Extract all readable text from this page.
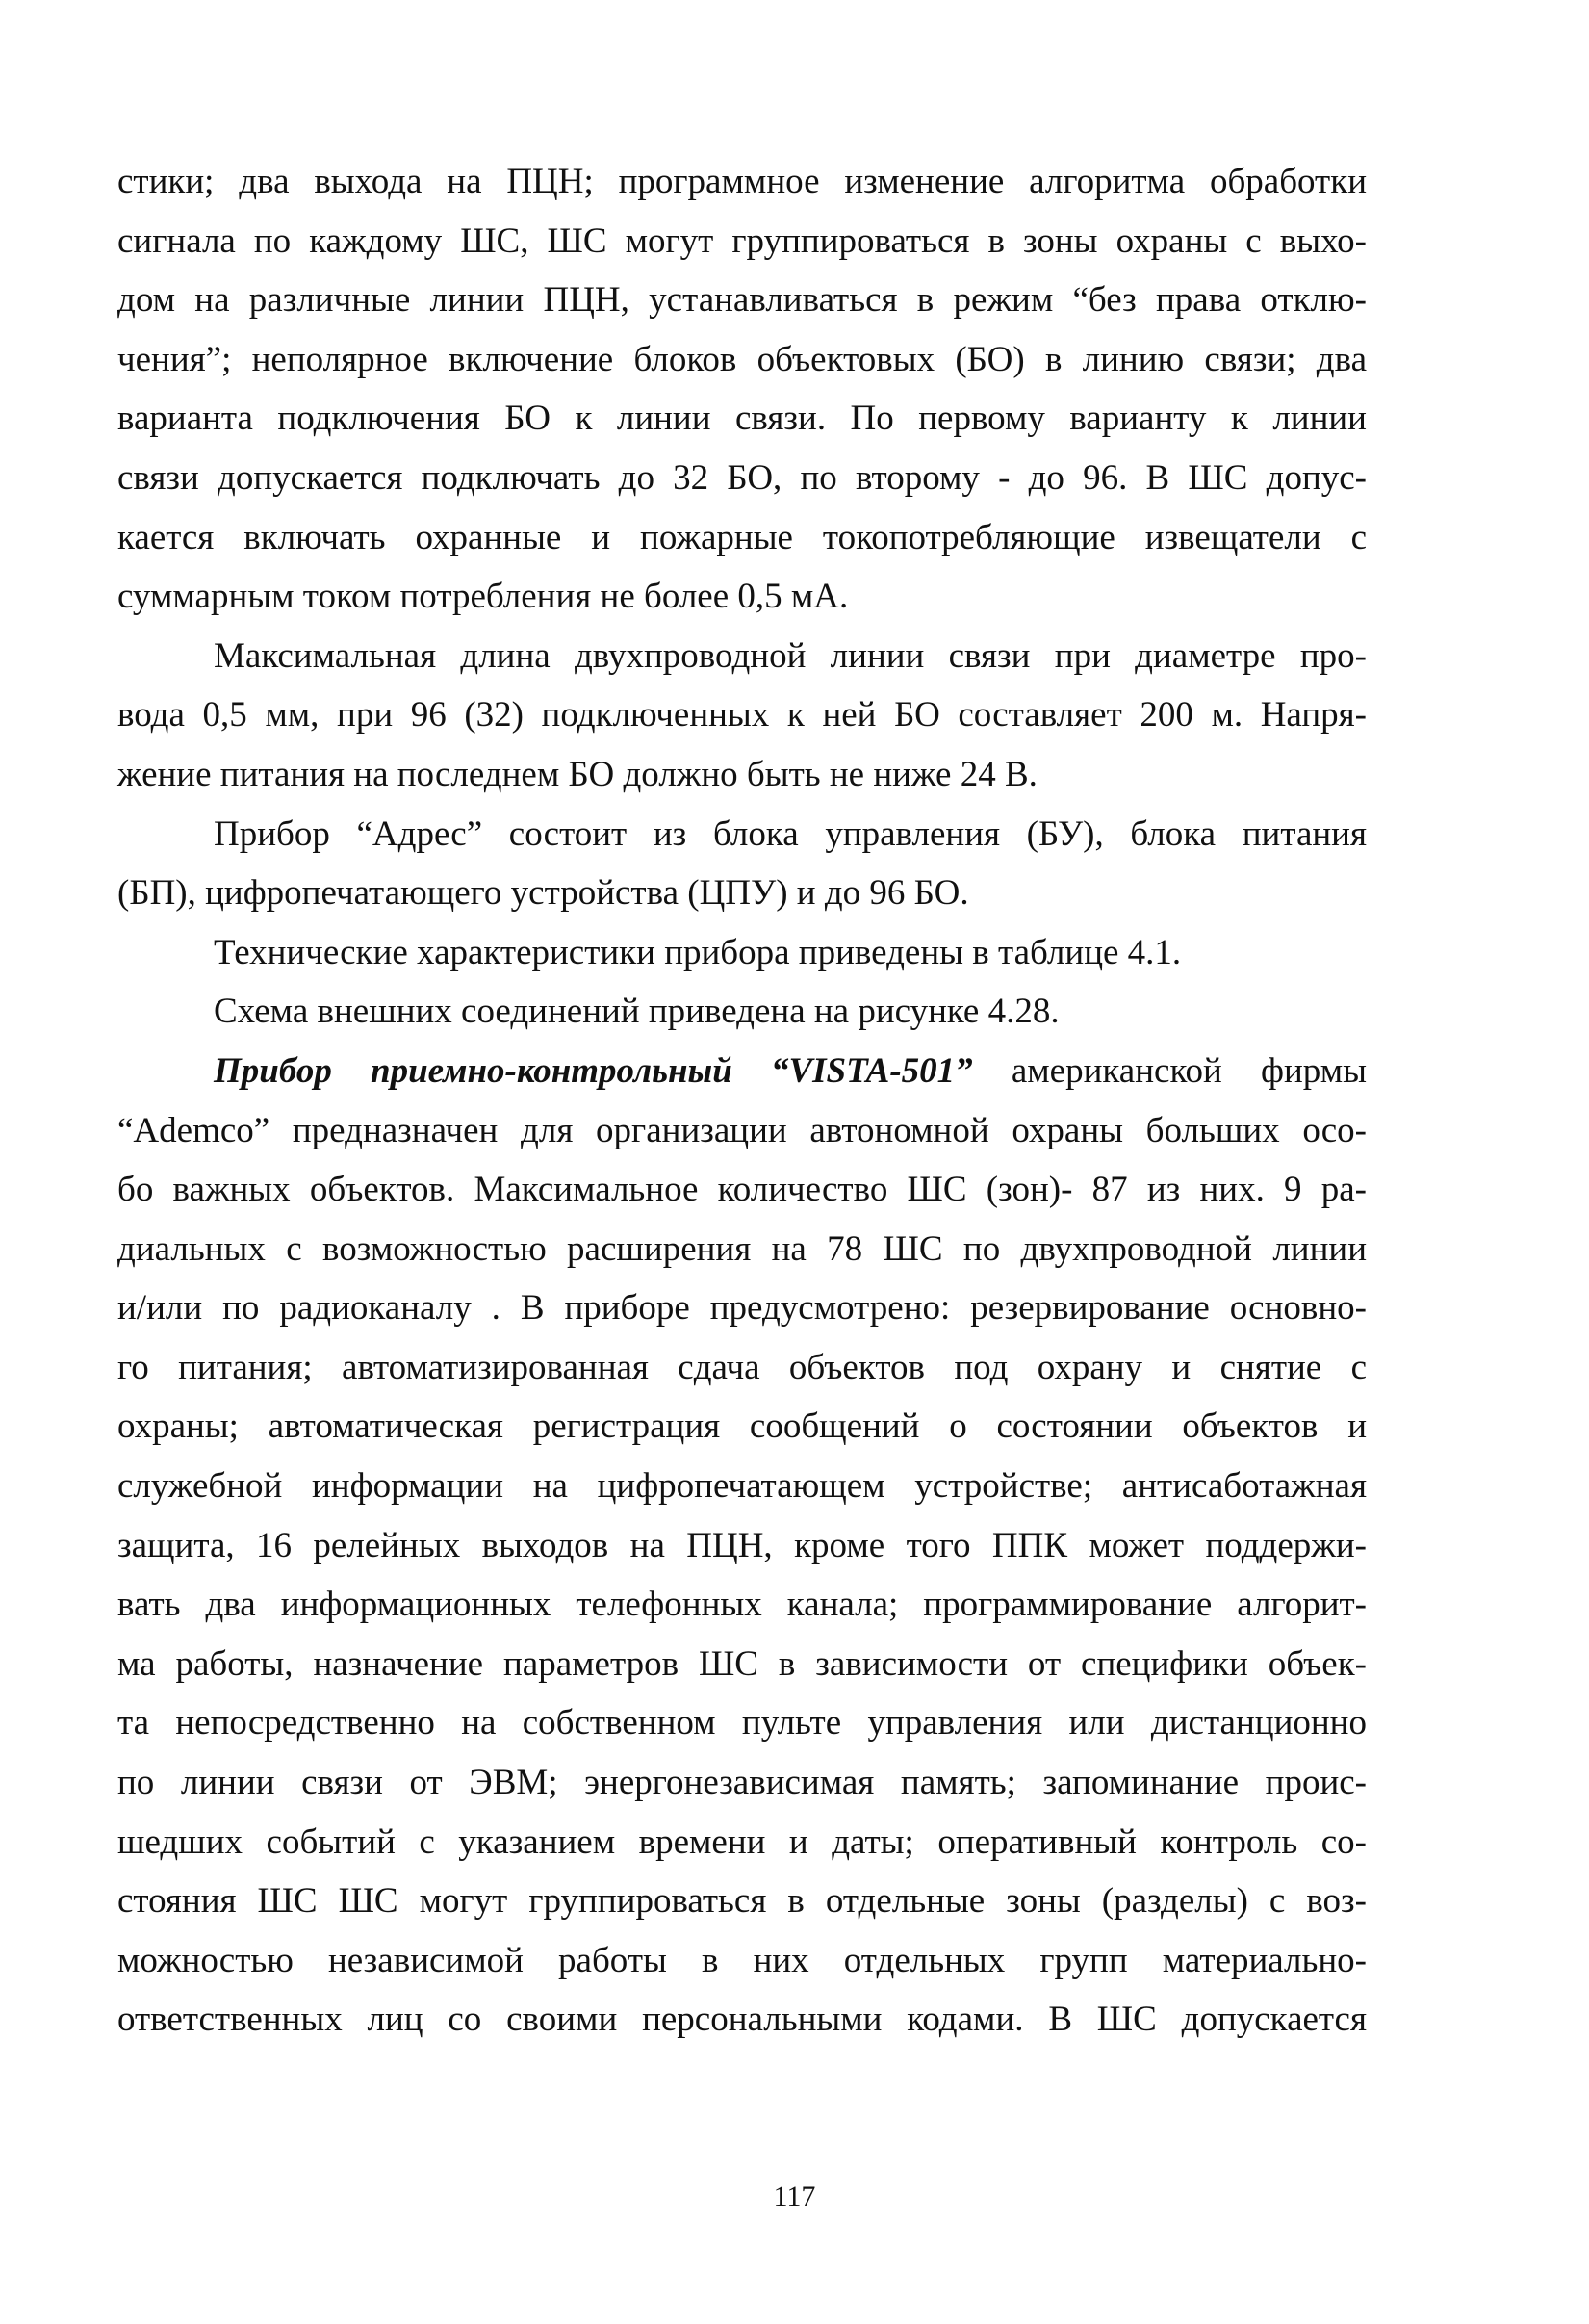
стики; два выхода на ПЦН; программное изменение алгоритма обработки
сигнала по каждому ШС, ШС могут группироваться в зоны охраны с выхо-
дом на различные линии ПЦН, устанавливаться в режим “без права отклю-
чения”; неполярное включение блоков объектовых (БО) в линию связи; два
варианта подключения БО к линии связи. По первому варианту к линии
связи допускается подключать до 32 БО, по второму - до 96. В ШС допус-
кается включать охранные и пожарные токопотребляющие извещатели с
суммарным током потребления не более 0,5 мА.
Максимальная длина двухпроводной линии связи при диаметре про-
вода 0,5 мм, при 96 (32) подключенных к ней БО составляет 200 м. Напря-
жение питания на последнем БО должно быть не ниже 24 В.
Прибор “Адрес” состоит из блока управления (БУ), блока питания
(БП), цифропечатающего устройства (ЦПУ) и до 96 БО.
Технические характеристики прибора приведены в таблице 4.1.
Схема внешних соединений приведена на рисунке 4.28.
Прибор приемно-контрольный “VISTA-501” американской фирмы
“Ademco” предназначен для организации автономной охраны больших осо-
бо важных объектов. Максимальное количество ШС (зон)- 87 из них. 9 ра-
диальных с возможностью расширения на 78 ШС по двухпроводной линии
и/или по радиоканалу . В приборе предусмотрено: резервирование основно-
го питания; автоматизированная сдача объектов под охрану и снятие с
охраны; автоматическая регистрация сообщений о состоянии объектов и
служебной информации на цифропечатающем устройстве; антисаботажная
защита, 16 релейных выходов на ПЦН, кроме того ППК может поддержи-
вать два информационных телефонных канала; программирование алгорит-
ма работы, назначение параметров ШС в зависимости от специфики объек-
та непосредственно на собственном пульте управления или дистанционно
по линии связи от ЭВМ; энергонезависимая память; запоминание проис-
шедших событий с указанием времени и даты; оперативный контроль со-
стояния ШС ШС могут группироваться в отдельные зоны (разделы) с воз-
можностью независимой работы в них отдельных групп материально-
ответственных лиц со своими персональными кодами. В ШС допускается
117
